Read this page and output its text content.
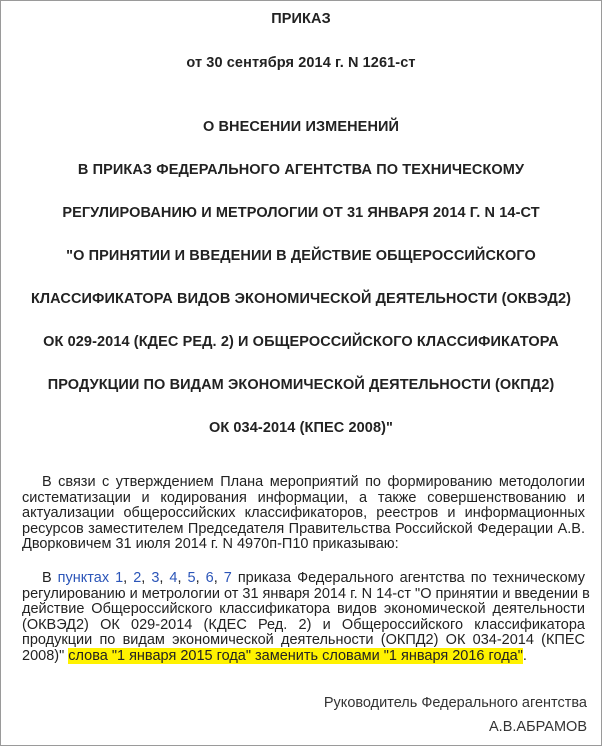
ПРИКАЗ
от 30 сентября 2014 г. N 1261-ст
О ВНЕСЕНИИ ИЗМЕНЕНИЙ
В ПРИКАЗ ФЕДЕРАЛЬНОГО АГЕНТСТВА ПО ТЕХНИЧЕСКОМУ
РЕГУЛИРОВАНИЮ И МЕТРОЛОГИИ ОТ 31 ЯНВАРЯ 2014 Г. N 14-СТ
"О ПРИНЯТИИ И ВВЕДЕНИИ В ДЕЙСТВИЕ ОБЩЕРОССИЙСКОГО
КЛАССИФИКАТОРА ВИДОВ ЭКОНОМИЧЕСКОЙ ДЕЯТЕЛЬНОСТИ (ОКВЭД2)
ОК 029-2014 (КДЕС РЕД. 2) И ОБЩЕРОССИЙСКОГО КЛАССИФИКАТОРА
ПРОДУКЦИИ ПО ВИДАМ ЭКОНОМИЧЕСКОЙ ДЕЯТЕЛЬНОСТИ (ОКПД2)
ОК 034-2014 (КПЕС 2008)"
В связи с утверждением Плана мероприятий по формированию методологии
систематизации и кодирования информации, а также совершенствованию и
актуализации общероссийских классификаторов, реестров и информационных
ресурсов заместителем Председателя Правительства Российской Федерации А.В.
Дворковичем 31 июля 2014 г. N 4970п-П10 приказываю:
В пунктах 1, 2, 3, 4, 5, 6, 7 приказа Федерального агентства по техническому
регулированию и метрологии от 31 января 2014 г. N 14-ст "О принятии и введении в
действие Общероссийского классификатора видов экономической деятельности
(ОКВЭД2) ОК 029-2014 (КДЕС Ред. 2) и Общероссийского классификатора
продукции по видам экономической деятельности (ОКПД2) ОК 034-2014 (КПЕС
2008)" слова "1 января 2015 года" заменить словами "1 января 2016 года".
Руководитель Федерального агентства
А.В.АБРАМОВ
